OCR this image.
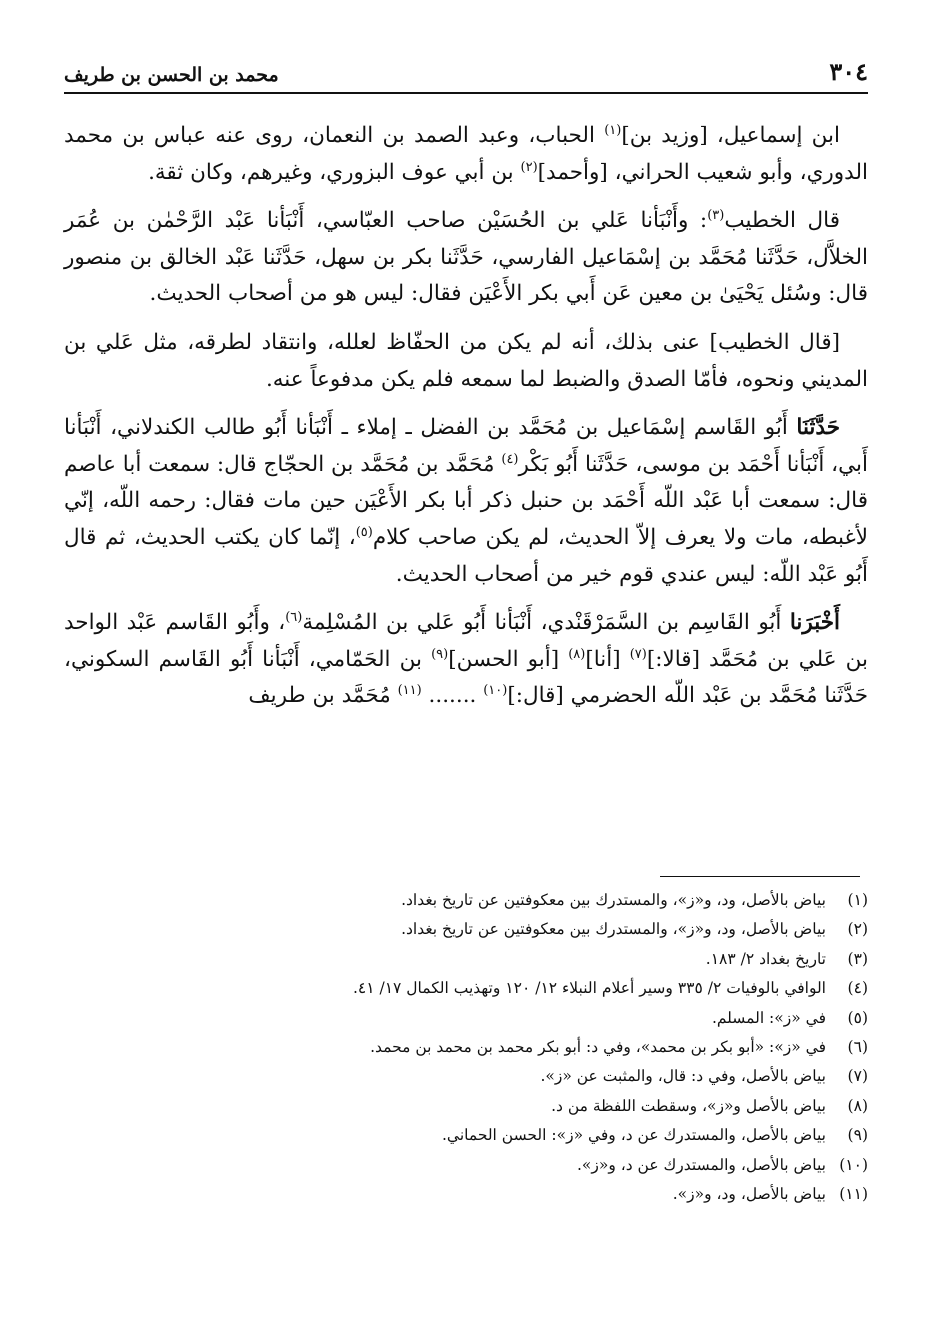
٣٠٤
محمد بن الحسن بن طريف

ابن إسماعيل، [وزيد بن]$^{(١)}$ الحباب، وعبد الصمد بن النعمان، روى عنه عباس بن محمد الدوري، وأبو شعيب الحراني، [وأحمد]$^{(٢)}$ بن أبي عوف البزوري، وغيرهم، وكان ثقة.

قال الخطيب$^{(٣)}$: وأَنْبَأنا عَلي بن الحُسَيْن صاحب العبّاسي، أَنْبَأنا عَبْد الرَّحْمٰن بن عُمَر الخلاَّل، حَدَّثَنا مُحَمَّد بن إسْمَاعيل الفارسي، حَدَّثَنا بكر بن سهل، حَدَّثَنا عَبْد الخالق بن منصور قال: وسُئل يَحْيَىٰ بن معين عَن أَبي بكر الأَعْيَن فقال: ليس هو من أصحاب الحديث.

[قال الخطيب] عنى بذلك، أنه لم يكن من الحفّاظ لعلله، وانتقاد لطرقه، مثل عَلي بن المديني ونحوه، فأمّا الصدق والضبط لما سمعه فلم يكن مدفوعاً عنه.

حَدَّثَنَا أَبُو القَاسم إسْمَاعيل بن مُحَمَّد بن الفضل ـ إملاء ـ أَنْبَأنا أَبُو طالب الكندلاني، أَنْبَأنا أَبي، أَنْبَأنا أَحْمَد بن موسى، حَدَّثَنا أَبُو بَكْر$^{(٤)}$ مُحَمَّد بن مُحَمَّد بن الحجّاج قال: سمعت أبا عاصم قال: سمعت أبا عَبْد اللّه أَحْمَد بن حنبل ذكر أبا بكر الأَعْيَن حين مات فقال: رحمه اللّه، إنّي لأغبطه، مات ولا يعرف إلاّ الحديث، لم يكن صاحب كلام$^{(٥)}$، إنّما كان يكتب الحديث، ثم قال أَبُو عَبْد اللّه: ليس عندي قوم خير من أصحاب الحديث.

أَخْبَرَنا أَبُو القَاسِم بن السَّمَرْقَنْدي، أَنْبَأنا أَبُو عَلي بن المُسْلِمة$^{(٦)}$، وأَبُو القَاسم عَبْد الواحد بن عَلي بن مُحَمَّد [قالا:]$^{(٧)}$ [أنا]$^{(٨)}$ [أبو الحسن]$^{(٩)}$ بن الحَمّامي، أَنْبَأنا أَبُو القَاسم السكوني، حَدَّثَنا مُحَمَّد بن عَبْد اللّه الحضرمي [قال:]$^{(١٠)}$ ....... $^{(١١)}$ مُحَمَّد بن طريف

(١)
بياض بالأصل، ود، و«ز»، والمستدرك بين معكوفتين عن تاريخ بغداد.
(٢)
بياض بالأصل، ود، و«ز»، والمستدرك بين معكوفتين عن تاريخ بغداد.
(٣)
تاريخ بغداد ٢/ ١٨٣.
(٤)
الوافي بالوفيات ٢/ ٣٣٥ وسير أعلام النبلاء ١٢/ ١٢٠ وتهذيب الكمال ١٧/ ٤١.
(٥)
في «ز»: المسلم.
(٦)
في «ز»: «أبو بكر بن محمد»، وفي د: أبو بكر محمد بن محمد بن محمد.
(٧)
بياض بالأصل، وفي د: قال، والمثبت عن «ز».
(٨)
بياض بالأصل و«ز»، وسقطت اللفظة من د.
(٩)
بياض بالأصل، والمستدرك عن د، وفي «ز»: الحسن الحماني.
(١٠)
بياض بالأصل، والمستدرك عن د، و«ز».
(١١)
بياض بالأصل، ود، و«ز».
